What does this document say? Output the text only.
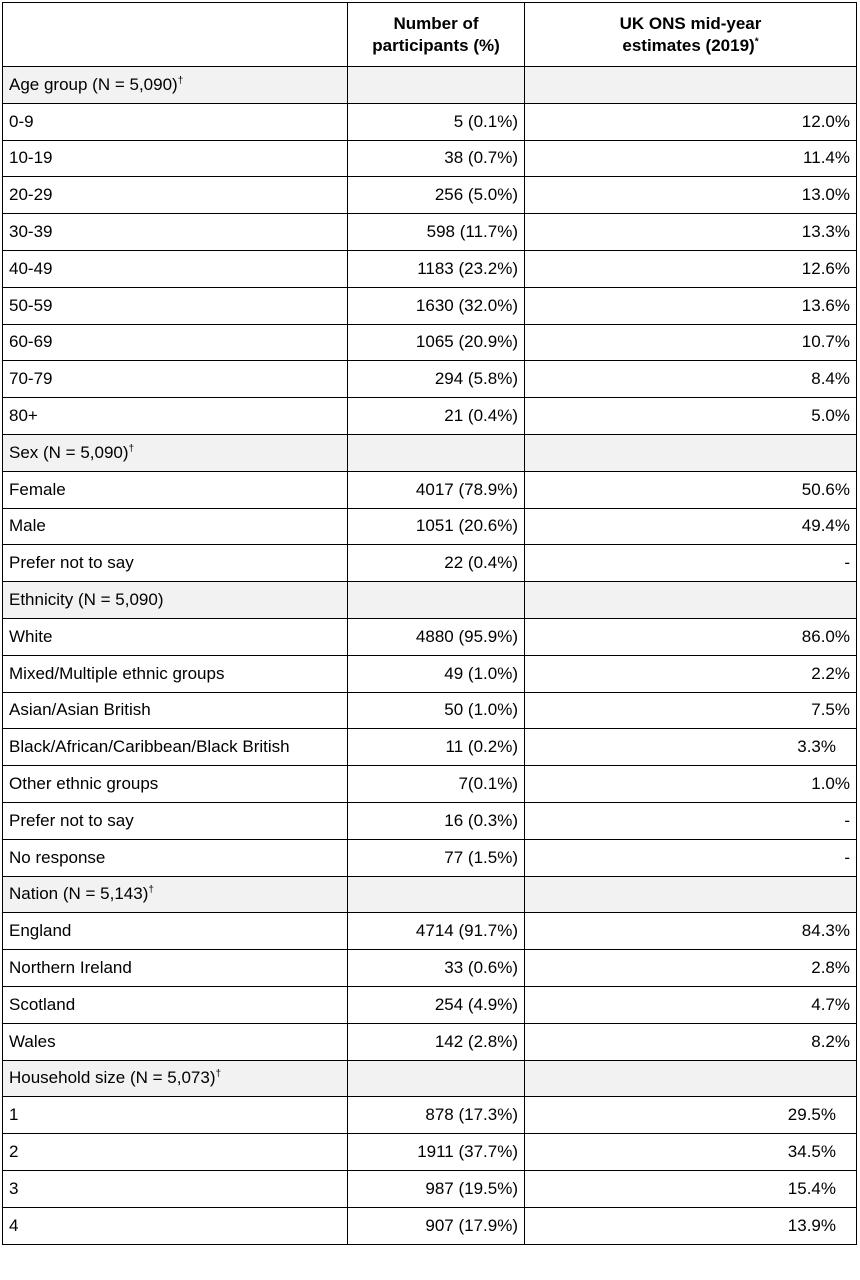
	Number of
participants (%)	UK ONS mid-year
estimates (2019)*

Age group (N = 5,090)†		
0-9	5 (0.1%)	12.0%
10-19	38 (0.7%)	11.4%
20-29	256 (5.0%)	13.0%
30-39	598 (11.7%)	13.3%
40-49	1183 (23.2%)	12.6%
50-59	1630 (32.0%)	13.6%
60-69	1065 (20.9%)	10.7%
70-79	294 (5.8%)	8.4%
80+	21 (0.4%)	5.0%
Sex (N = 5,090)†		
Female	4017 (78.9%)	50.6%
Male	1051 (20.6%)	49.4%
Prefer not to say	22 (0.4%)	-
Ethnicity (N = 5,090)		
White	4880 (95.9%)	86.0%
Mixed/Multiple ethnic groups	49 (1.0%)	2.2%
Asian/Asian British	50 (1.0%)	7.5%
Black/African/Caribbean/Black British	11 (0.2%)	3.3%
Other ethnic groups	7(0.1%)	1.0%
Prefer not to say	16 (0.3%)	-
No response	77 (1.5%)	-
Nation (N = 5,143)†		
England	4714 (91.7%)	84.3%
Northern Ireland	33 (0.6%)	2.8%
Scotland	254 (4.9%)	4.7%
Wales	142 (2.8%)	8.2%
Household size (N = 5,073)†		
1	878 (17.3%)	29.5%
2	1911 (37.7%)	34.5%
3	987 (19.5%)	15.4%
4	907 (17.9%)	13.9%
